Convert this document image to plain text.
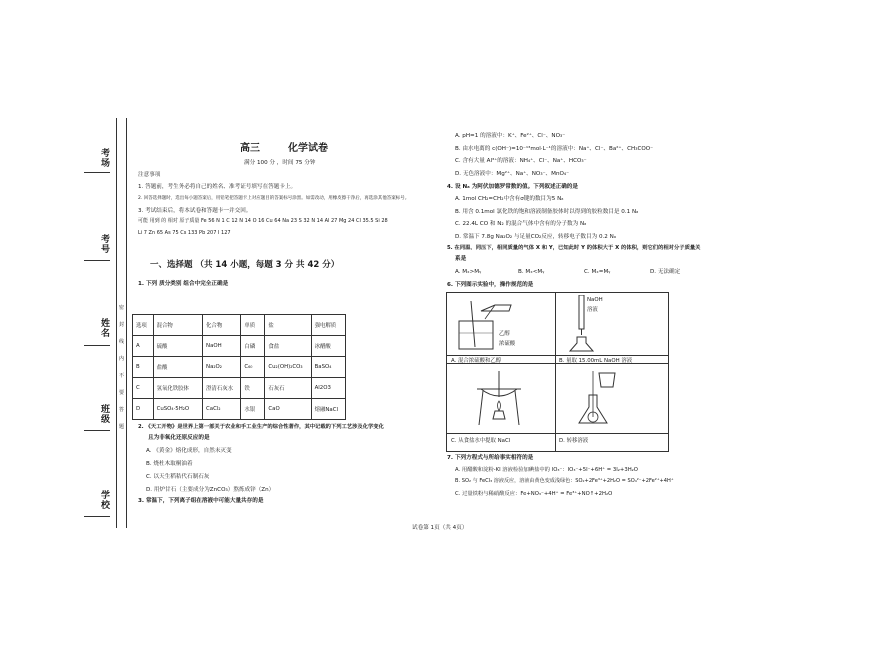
考场
考号
姓名
班级
学校
密
封
线
内
不
要
答
题
高三	化学试卷
满分 100 分 ，时间 75 分钟
注意事项
1. 答题前，考生务必将自己的姓名、准考证号填写在答题卡上。
2. 回答选择题时，选出每小题答案后，用铅笔把答题卡上对应题目的答案标号涂黑。如需改动，用橡皮擦干净后，再选涂其他答案标号。
3. 考试结束后，将本试卷和答题卡一并交回。
可能 用到 的 相对 原子质量 Fe 56 N 1 C 12 N 14 O 16 Cu 64 Na 23 S 32 N 14 Al 27 Mg 24 Cl 35.5 Si 28
Li 7 Zn 65 As 75 Cs 133 Pb 207 I 127
一、选择题 （共 14 小题，每题 3 分 共 42 分）
1. 下列 质分类别 组合中完全正确是
选项	混合物	化合物	单质	盐	强电解质
A	硫酸	NaOH	白磷	食盐	冰醋酸
B	盐酸	Na₂O₂	C₆₀	Cu₂(OH)₂CO₃	BaSO₄
C	氢氧化铁胶体	澄清石灰水	铁	石灰石	Al2O3
D	CuSO₄·5H₂O	CaCl₂	水银	CaO	熔融NaCl
2. 《天工开物》是世界上第一部关于农业和手工业生产的综合性著作，其中记载的下列工艺涉及化学变化
且为非氧化还原反应的是
A. 《黄金》熔化成形，自然未灭变
B. 烧杜木取桐油着
C. 以天生稻秸代石制石灰
D. 用炉甘石（主要成分为ZnCO₃）熬炼成锌（Zn）
3. 常温下，下列离子组在溶液中可能大量共存的是
A. pH=1 的溶液中：K⁺、Fe²⁺、Cl⁻、NO₃⁻
B. 由水电离的 c(OH⁻)=10⁻¹³mol·L⁻¹的溶液中：Na⁺、Cl⁻、Ba²⁺、CH₃COO⁻
C. 含有大量 Al³⁺的溶液：NH₄⁺、Cl⁻、Na⁺、HCO₃⁻
D. 无色溶液中：Mg²⁺、Na⁺、NO₃⁻、MnO₄⁻
4. 设 Nₐ 为阿伏加德罗常数的值。下列叙述正确的是
A. 1mol CH₂=CH₂中含有σ键的数目为5 Nₐ
B. 用含 0.1mol 氯化铁的饱和溶液制备胶体时以得到的胶粒数目是 0.1 Nₐ
C. 22.4L CO 和 N₂ 的混合气体中含有的分子数为 Nₐ
D. 常温下 7.8g Na₂O₂ 与足量CO₂反应，转移电子数目为 0.2 Nₐ
5. 在同温、同压下，相同质量的气体 X 和 Y，已知此时 Y 的体积大于 X 的体积，则它们的相对分子质量关
系是
A. Mₓ>Mᵧ	B. Mₓ<Mᵧ	C. Mₓ=Mᵧ	D. 无法确定
6. 下列图示实验中，操作规范的是
乙醇
浓硫酸
NaOH
溶液
A. 混合浓硫酸和乙醇	B. 量取 15.00mL NaOH 溶液
C. 从食盐水中提取 NaCl	D. 转移溶液
7. 下列方程式与所给事实相符的是
A. 用醋酸和淀粉-KI 溶液检验加碘盐中的 IO₃⁻：IO₃⁻+5I⁻+6H⁺ = 3I₂+3H₂O
B. SO₂ 与 FeCl₃ 溶液反应，溶液由黄色变成浅绿色：SO₂+2Fe³⁺+2H₂O = SO₄²⁻+2Fe²⁺+4H⁺
C. 过量铁粉与稀硝酸反应：Fe+NO₃⁻+4H⁺ = Fe³⁺+NO↑+2H₂O
试卷第 1页（共 4页）
